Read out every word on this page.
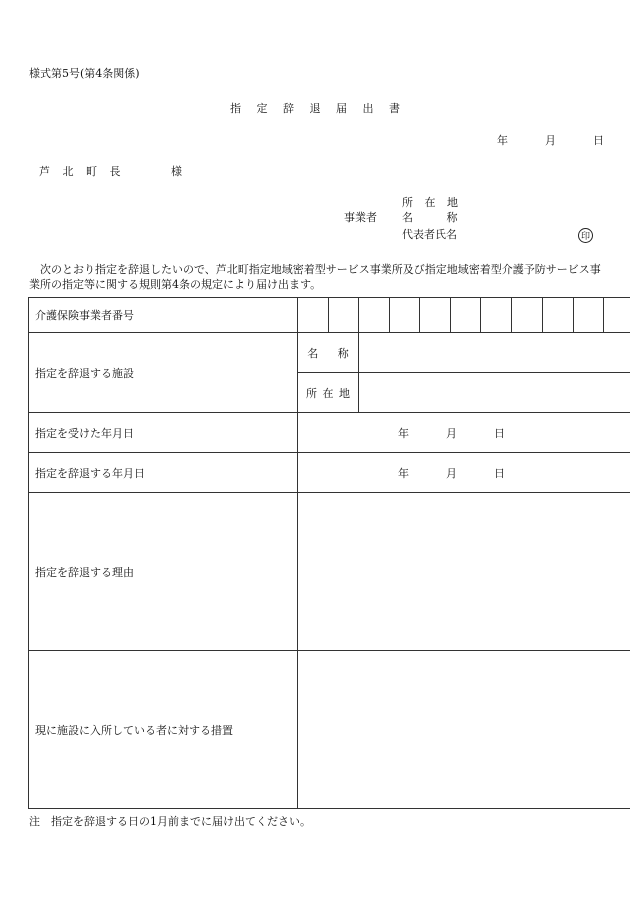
様式第5号(第4条関係)
指 定 辞 退 届 出 書
年	月	日
芦 北 町 長	様
所 在 地
事業者 名 称
代表者氏名	印
次のとおり指定を辞退したいので、芦北町指定地域密着型サービス事業所及び指定地域密着型介護予防サービス事業所の指定等に関する規則第4条の規定により届け出ます。
介護保険事業者番号											
指定を辞退する施設	名 称										
	所 在 地										
指定を受けた年月日	年 月 日										

指定を辞退する年月日	年 月 日										

指定を辞退する理由											
現に施設に入所している者に対する措置											
注　指定を辞退する日の1月前までに届け出てください。
